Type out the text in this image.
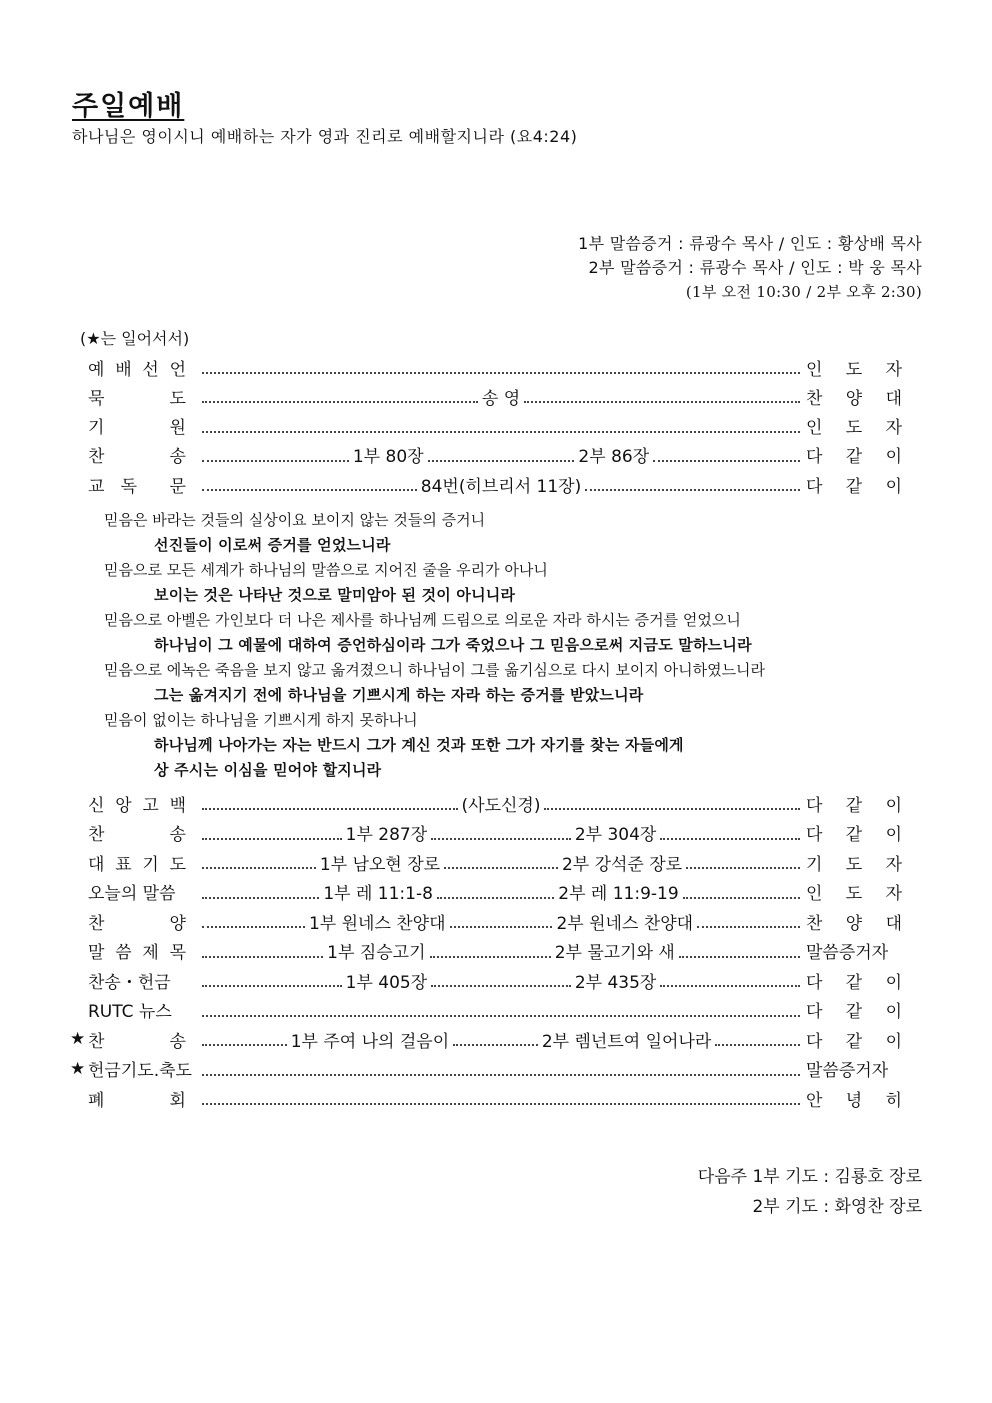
주일예배
하나님은 영이시니 예배하는 자가 영과 진리로 예배할지니라 (요4:24)
1부 말씀증거 : 류광수 목사 / 인도 : 황상배 목사
2부 말씀증거 : 류광수 목사 / 인도 : 박 웅 목사
(1부 오전 10:30 / 2부 오후 2:30)
(★는 일어서서)
예 배 선 언	인 도 자
묵	도	송 영	찬 양 대
기	원	인 도 자
찬	송	1부 80장	2부 86장	다 같 이
교 독 문	84번(히브리서 11장)	다 같 이
믿음은 바라는 것들의 실상이요 보이지 않는 것들의 증거니
선진들이 이로써 증거를 얻었느니라
믿음으로 모든 세계가 하나님의 말씀으로 지어진 줄을 우리가 아나니
보이는 것은 나타난 것으로 말미암아 된 것이 아니니라
믿음으로 아벨은 가인보다 더 나은 제사를 하나님께 드림으로 의로운 자라 하시는 증거를 얻었으니
하나님이 그 예물에 대하여 증언하심이라 그가 죽었으나 그 믿음으로써 지금도 말하느니라
믿음으로 에녹은 죽음을 보지 않고 옮겨졌으니 하나님이 그를 옮기심으로 다시 보이지 아니하였느니라
그는 옮겨지기 전에 하나님을 기쁘시게 하는 자라 하는 증거를 받았느니라
믿음이 없이는 하나님을 기쁘시게 하지 못하나니
하나님께 나아가는 자는 반드시 그가 계신 것과 또한 그가 자기를 찾는 자들에게
상 주시는 이심을 믿어야 할지니라
신 앙 고 백	(사도신경)	다 같 이
찬	송	1부 287장	2부 304장	다 같 이
대 표 기 도	1부 남오현 장로	2부 강석준 장로	기 도 자
오늘의 말씀	1부 레 11:1-8	2부 레 11:9-19	인 도 자
찬	양	1부 원네스 찬양대	2부 원네스 찬양대	찬 양 대
말 씀 제 목	1부 짐승고기	2부 물고기와 새	말씀증거자
찬송・헌금	1부 405장	2부 435장	다 같 이
RUTC 뉴스	다 같 이
★ 찬	송	1부 주여 나의 걸음이	2부 렘넌트여 일어나라	다 같 이
★ 헌금기도.축도	말씀증거자
폐	회	안 녕 히
다음주 1부 기도 : 김룡호 장로
2부 기도 : 화영찬 장로
